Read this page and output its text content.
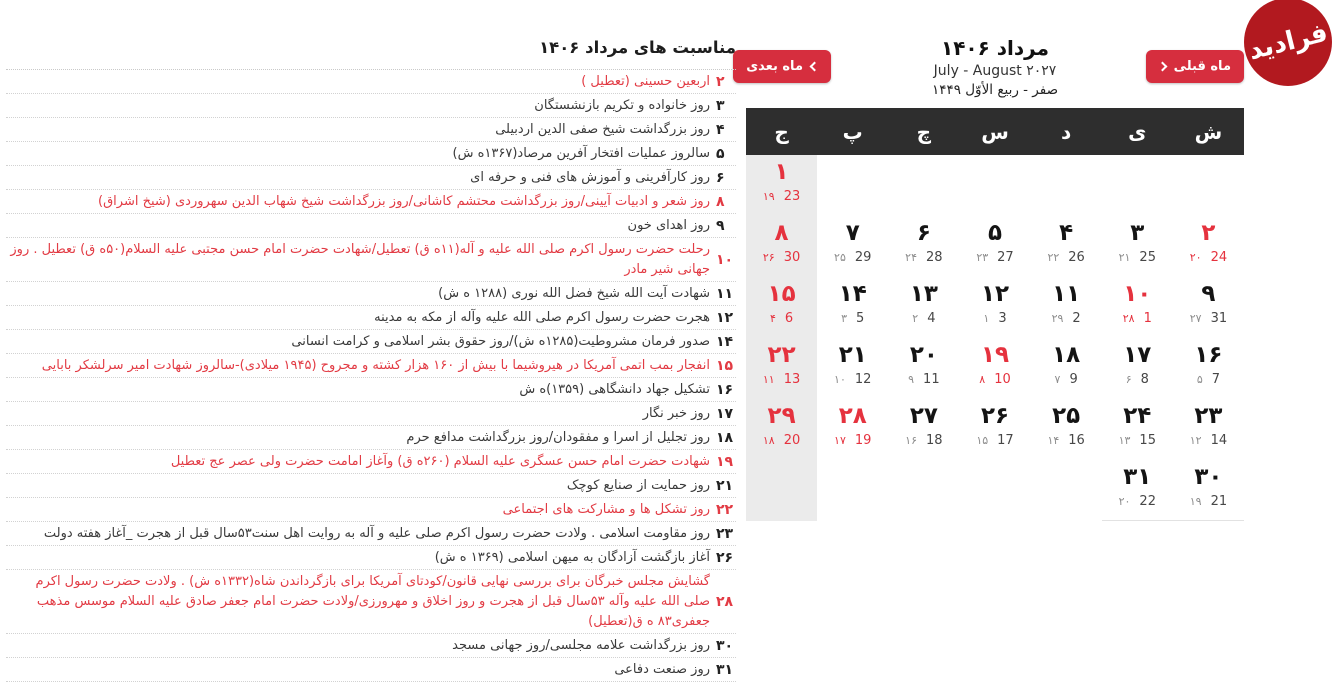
فرادید
ماه قبلی
ماه بعدی
مرداد ۱۴۰۶
July - August ۲۰۲۷
صفر - ربیع الأوّل ۱۴۴۹
ش
ی
د
س
چ
پ
ج
۱
۱۹ 23
۲
۲۰ 24
۳
۲۱ 25
۴
۲۲ 26
۵
۲۳ 27
۶
۲۴ 28
۷
۲۵ 29
۸
۲۶ 30
۹
۲۷ 31
۱۰
۲۸ 1
۱۱
۲۹ 2
۱۲
۱ 3
۱۳
۲ 4
۱۴
۳ 5
۱۵
۴ 6
۱۶
۵ 7
۱۷
۶ 8
۱۸
۷ 9
۱۹
۸ 10
۲۰
۹ 11
۲۱
۱۰ 12
۲۲
۱۱ 13
۲۳
۱۲ 14
۲۴
۱۳ 15
۲۵
۱۴ 16
۲۶
۱۵ 17
۲۷
۱۶ 18
۲۸
۱۷ 19
۲۹
۱۸ 20
۳۰
۱۹ 21
۳۱
۲۰ 22
مناسبت های مرداد ۱۴۰۶
۲
اربعین حسینی (تعطیل )
۳
روز خانواده و تکریم بازنشستگان
۴
روز بزرگداشت شیخ صفی الدین اردبیلی
۵
سالروز عملیات افتخار آفرین مرصاد(۱۳۶۷ه ش)
۶
روز کارآفرینی و آموزش های فنی و حرفه ای
۸
روز شعر و ادبیات آیینی/روز بزرگداشت محتشم کاشانی/روز بزرگداشت شیخ شهاب الدین سهروردی (شیخ اشراق)
۹
روز اهدای خون
۱۰
رحلت حضرت رسول اکرم صلی الله علیه و آله(۱۱ه ق) تعطیل/شهادت حضرت امام حسن مجتبی علیه السلام(۵۰ه ق) تعطیل . روز جهانی شیر مادر
۱۱
شهادت آیت الله شیخ فضل الله نوری (۱۲۸۸ ه ش)
۱۲
هجرت حضرت رسول اکرم صلی الله علیه وآله از مکه به مدینه
۱۴
صدور فرمان مشروطیت(۱۲۸۵ه ش)/روز حقوق بشر اسلامی و کرامت انسانی
۱۵
انفجار بمب اتمی آمریکا در هیروشیما با بیش از ۱۶۰ هزار کشته و مجروح (۱۹۴۵ میلادی)-سالروز شهادت امیر سرلشکر بابایی
۱۶
تشکیل جهاد دانشگاهی (۱۳۵۹)ه ش
۱۷
روز خبر نگار
۱۸
روز تجلیل از اسرا و مفقودان/روز بزرگداشت مدافع حرم
۱۹
شهادت حضرت امام حسن عسگری علیه السلام (۲۶۰ه ق) وآغاز امامت حضرت ولی عصر عج تعطیل
۲۱
روز حمایت از صنایع کوچک
۲۲
روز تشکل ها و مشارکت های اجتماعی
۲۳
روز مقاومت اسلامی . ولادت حضرت رسول اکرم صلی علیه و آله به روایت اهل سنت۵۳سال قبل از هجرت _آغاز هفته دولت
۲۶
آغاز بازگشت آزادگان به میهن اسلامی (۱۳۶۹ ه ش)
۲۸
گشایش مجلس خبرگان برای بررسی نهایی قانون/کودتای آمریکا برای بازگرداندن شاه(۱۳۳۲ه ش) . ولادت حضرت رسول اکرم صلی الله علیه وآله ۵۳سال قبل از هجرت و روز اخلاق و مهرورزی/ولادت حضرت امام جعفر صادق علیه السلام موسس مذهب جعفری۸۳ ه ق(تعطیل)
۳۰
روز بزرگداشت علامه مجلسی/روز جهانی مسجد
۳۱
روز صنعت دفاعی
